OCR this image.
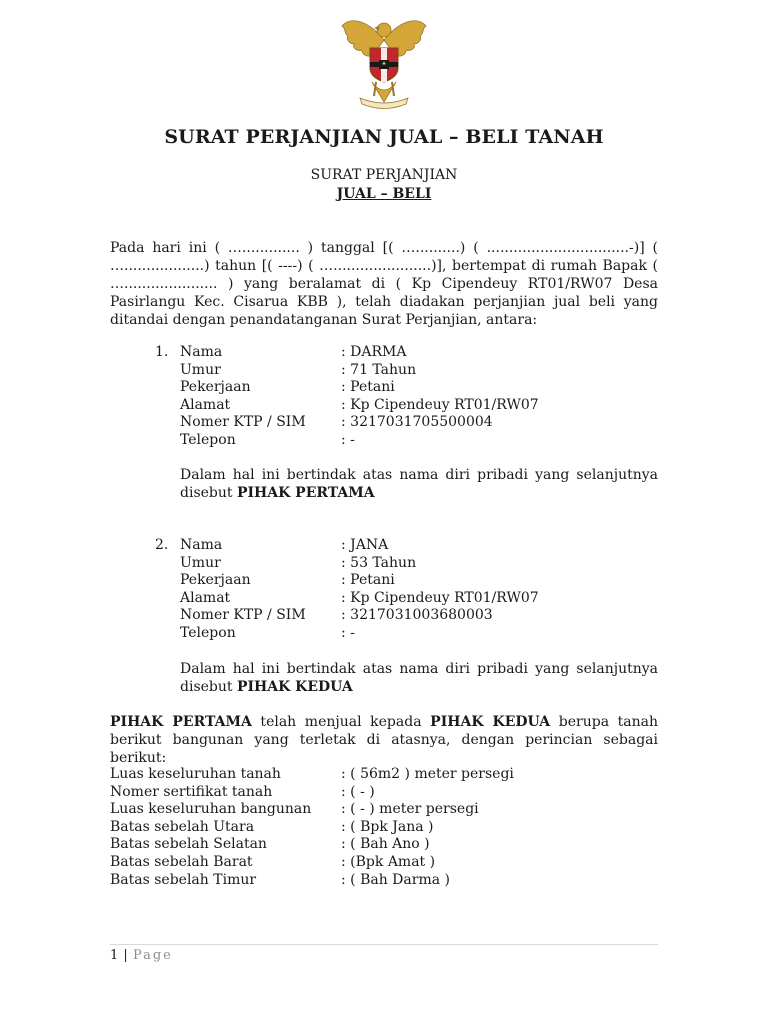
SURAT PERJANJIAN JUAL – BELI TANAH
SURAT PERJANJIAN
JUAL – BELI
Pada hari ini ( …............. ) tanggal [( …..........) ( ................................-)] ( …..................) tahun [( ----) ( …......................)], bertempat di rumah Bapak ( …..................... ) yang beralamat di ( Kp Cipendeuy RT01/RW07 Desa Pasirlangu Kec. Cisarua KBB ), telah diadakan perjanjian jual beli yang ditandai dengan penandatanganan Surat Perjanjian, antara:
1. Nama	: DARMA
Umur	: 71 Tahun
Pekerjaan	: Petani
Alamat	: Kp Cipendeuy RT01/RW07
Nomer KTP / SIM	: 3217031705500004
Telepon	: -
Dalam hal ini bertindak atas nama diri pribadi yang selanjutnya disebut PIHAK PERTAMA
2. Nama	: JANA
Umur	: 53 Tahun
Pekerjaan	: Petani
Alamat	: Kp Cipendeuy RT01/RW07
Nomer KTP / SIM	: 3217031003680003
Telepon	: -
Dalam hal ini bertindak atas nama diri pribadi yang selanjutnya disebut PIHAK KEDUA
PIHAK PERTAMA telah menjual kepada PIHAK KEDUA berupa tanah berikut bangunan yang terletak di atasnya, dengan perincian sebagai berikut:
Luas keseluruhan tanah	: ( 56m2 ) meter persegi
Nomer sertifikat tanah	: ( - )
Luas keseluruhan bangunan : ( - ) meter persegi
Batas sebelah Utara	: ( Bpk Jana )
Batas sebelah Selatan	: ( Bah Ano )
Batas sebelah Barat	: (Bpk Amat )
Batas sebelah Timur	: ( Bah Darma )
1 | Page
